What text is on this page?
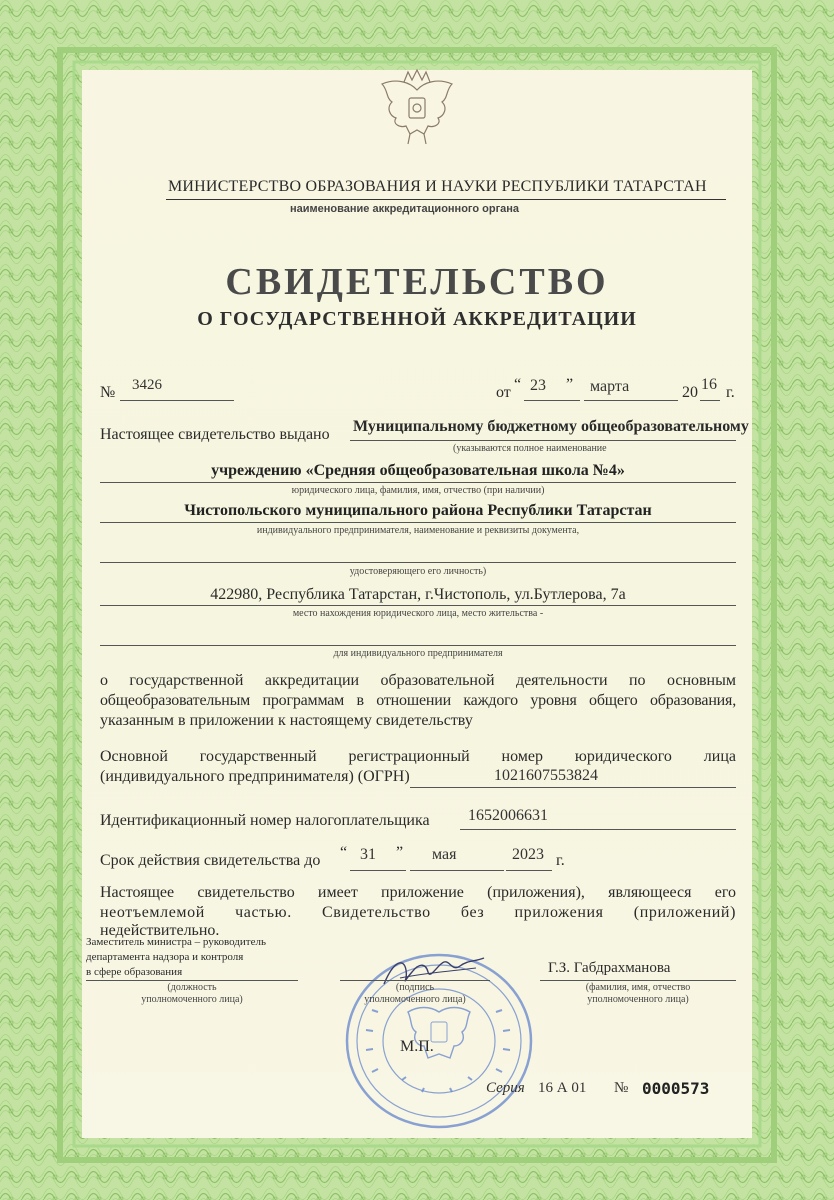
МИНИСТЕРСТВО ОБРАЗОВАНИЯ И НАУКИ РЕСПУБЛИКИ ТАТАРСТАН
наименование аккредитационного органа
СВИДЕТЕЛЬСТВО
О ГОСУДАРСТВЕННОЙ АККРЕДИТАЦИИ
№ 3426	от “ 23 ” марта	20 16 г.
Настоящее свидетельство выдано Муниципальному бюджетному общеобразовательному
(указываются полное наименование
учреждению «Средняя общеобразовательная школа №4»
юридического лица, фамилия, имя, отчество (при наличии)
Чистопольского муниципального района Республики Татарстан
индивидуального предпринимателя, наименование и реквизиты документа,
удостоверяющего его личность)
422980, Республика Татарстан, г.Чистополь, ул.Бутлерова, 7а
место нахождения юридического лица, место жительства -
для индивидуального предпринимателя
о государственной аккредитации образовательной деятельности по основным
общеобразовательным программам в отношении каждого уровня общего образования,
указанным в приложении к настоящему свидетельству
Основной государственный регистрационный номер юридического лица
(индивидуального предпринимателя) (ОГРН)	1021607553824
Идентификационный номер налогоплательщика 1652006631
Срок действия свидетельства до “ 31 ” мая	2023 г.
Настоящее свидетельство имеет приложение (приложения), являющееся его
неотъемлемой частью. Свидетельство без приложения (приложений)
недействительно.
Заместитель министра – руководитель
департамента надзора и контроля
в сфере образования
(должность
уполномоченного лица)
(подпись
уполномоченного лица)
Г.З. Габдрахманова
(фамилия, имя, отчество
уполномоченного лица)
М.П.
Серия 16 А 01 № 0000573
